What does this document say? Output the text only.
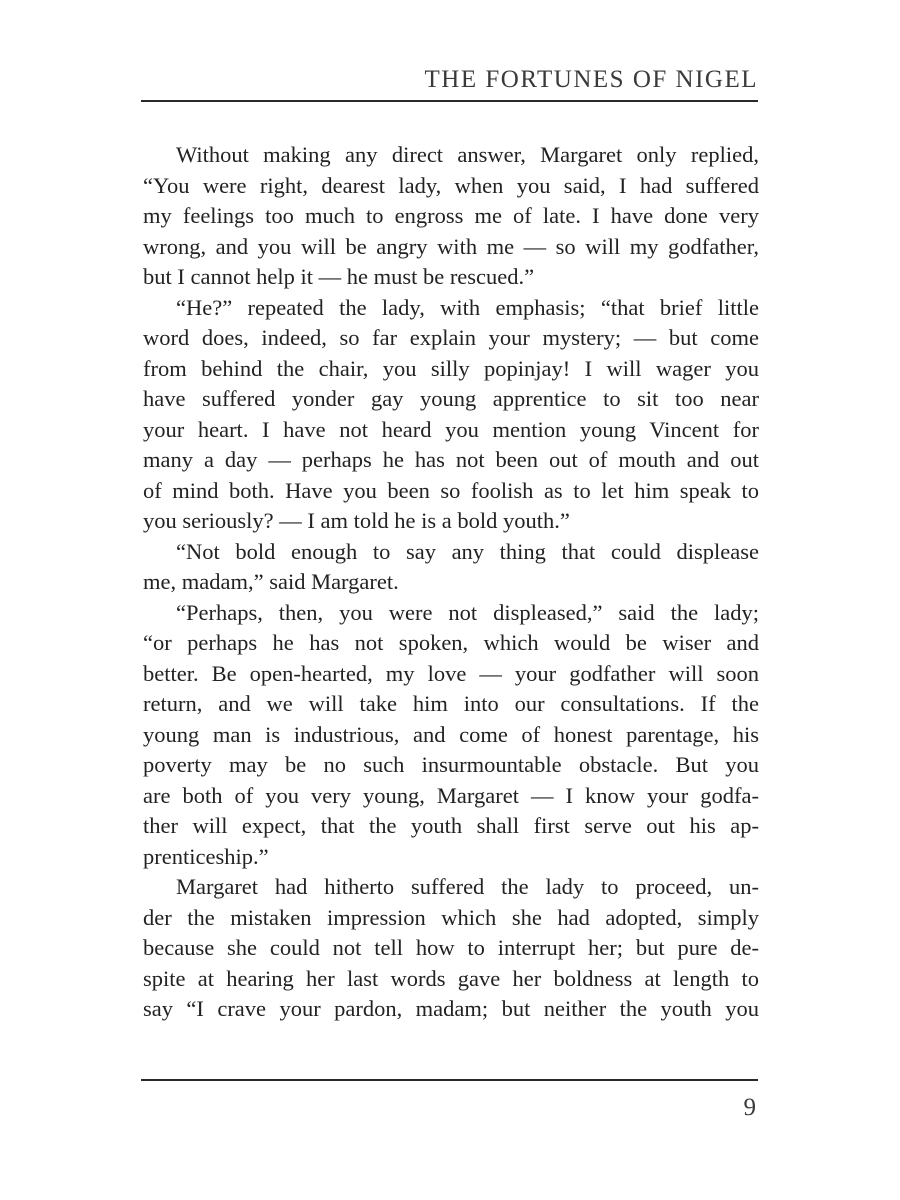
THE FORTUNES OF NIGEL
Without making any direct answer, Margaret only replied,
“You were right, dearest lady, when you said, I had suffered
my feelings too much to engross me of late. I have done very
wrong, and you will be angry with me — so will my godfather,
but I cannot help it — he must be rescued.”
“He?” repeated the lady, with emphasis; “that brief little
word does, indeed, so far explain your mystery; — but come
from behind the chair, you silly popinjay! I will wager you
have suffered yonder gay young apprentice to sit too near
your heart. I have not heard you mention young Vincent for
many a day — perhaps he has not been out of mouth and out
of mind both. Have you been so foolish as to let him speak to
you seriously? — I am told he is a bold youth.”
“Not bold enough to say any thing that could displease
me, madam,” said Margaret.
“Perhaps, then, you were not displeased,” said the lady;
“or perhaps he has not spoken, which would be wiser and
better. Be open-hearted, my love — your godfather will soon
return, and we will take him into our consultations. If the
young man is industrious, and come of honest parentage, his
poverty may be no such insurmountable obstacle. But you
are both of you very young, Margaret — I know your godfa-
ther will expect, that the youth shall first serve out his ap-
prenticeship.”
Margaret had hitherto suffered the lady to proceed, un-
der the mistaken impression which she had adopted, simply
because she could not tell how to interrupt her; but pure de-
spite at hearing her last words gave her boldness at length to
say “I crave your pardon, madam; but neither the youth you
9
